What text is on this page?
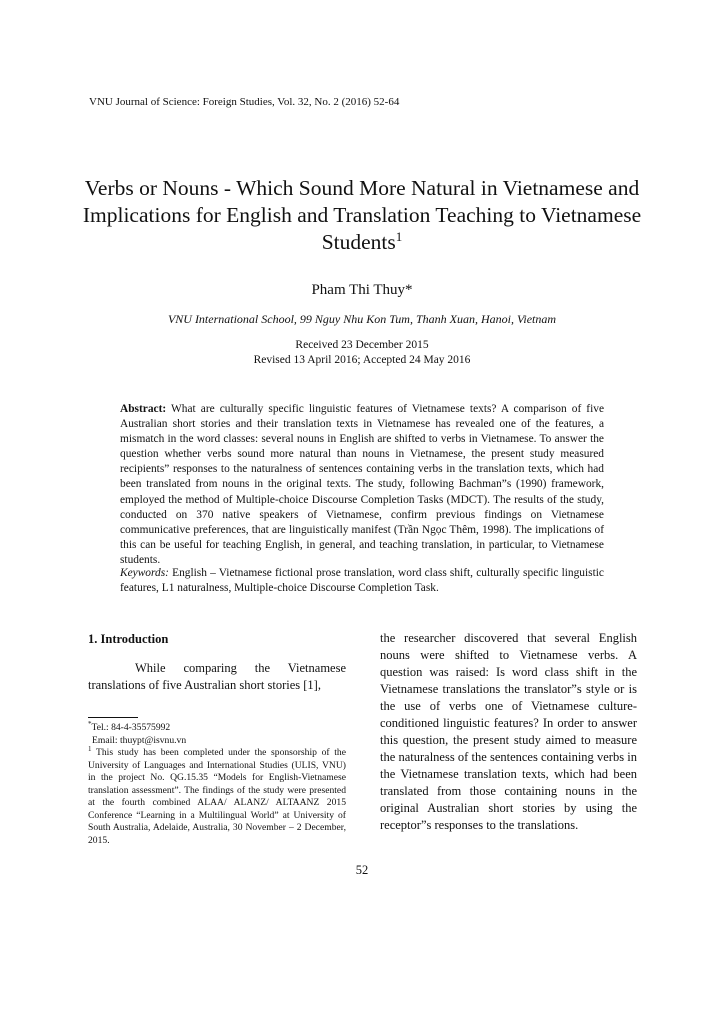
VNU Journal of Science: Foreign Studies, Vol. 32, No. 2 (2016) 52-64
Verbs or Nouns - Which Sound More Natural in Vietnamese and Implications for English and Translation Teaching to Vietnamese Students$^1$
Pham Thi Thuy*
VNU International School, 99 Nguy Nhu Kon Tum, Thanh Xuan, Hanoi, Vietnam
Received 23 December 2015
Revised 13 April 2016; Accepted 24 May 2016
Abstract: What are culturally specific linguistic features of Vietnamese texts? A comparison of five Australian short stories and their translation texts in Vietnamese has revealed one of the features, a mismatch in the word classes: several nouns in English are shifted to verbs in Vietnamese. To answer the question whether verbs sound more natural than nouns in Vietnamese, the present study measured recipients” responses to the naturalness of sentences containing verbs in the translation texts, which had been translated from nouns in the original texts. The study, following Bachman”s (1990) framework, employed the method of Multiple-choice Discourse Completion Tasks (MDCT). The results of the study, conducted on 370 native speakers of Vietnamese, confirm previous findings on Vietnamese communicative preferences, that are linguistically manifest (Trần Ngọc Thêm, 1998). The implications of this can be useful for teaching English, in general, and teaching translation, in particular, to Vietnamese students.
Keywords: English – Vietnamese fictional prose translation, word class shift, culturally specific linguistic features, L1 naturalness, Multiple-choice Discourse Completion Task.
1. Introduction
While comparing the Vietnamese translations of five Australian short stories [1],

*Tel.: 84-4-35575992

Email: thuypt@isvnu.vn

$^1$ This study has been completed under the sponsorship of the University of Languages and International Studies (ULIS, VNU) in the project No. QG.15.35 “Models for English-Vietnamese translation assessment”. The findings of the study were presented at the fourth combined ALAA/ ALANZ/ ALTAANZ 2015 Conference “Learning in a Multilingual World” at University of South Australia, Adelaide, Australia, 30 November – 2 December, 2015.

the researcher discovered that several English nouns were shifted to Vietnamese verbs. A question was raised: Is word class shift in the Vietnamese translations the translator”s style or is the use of verbs one of Vietnamese culture-conditioned linguistic features? In order to answer this question, the present study aimed to measure the naturalness of the sentences containing verbs in the Vietnamese translation texts, which had been translated from those containing nouns in the original Australian short stories by using the receptor”s responses to the translations.
52
